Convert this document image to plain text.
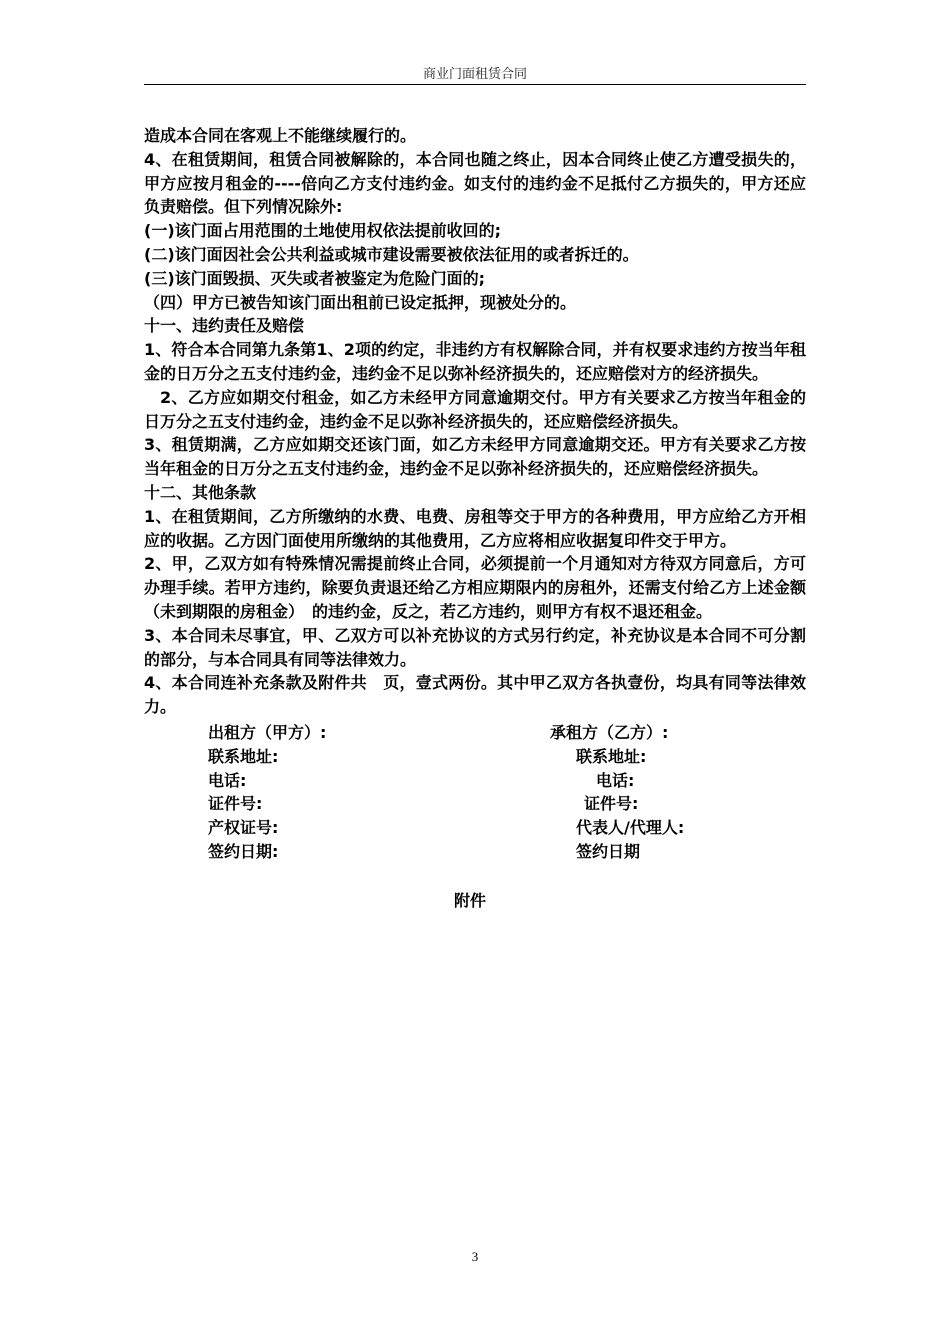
商业门面租赁合同

造成本合同在客观上不能继续履行的。

4、在租赁期间，租赁合同被解除的，本合同也随之终止，因本合同终止使乙方遭受损失的，甲方应按月租金的----倍向乙方支付违约金。如支付的违约金不足抵付乙方损失的，甲方还应负责赔偿。但下列情况除外:

(一)该门面占用范围的土地使用权依法提前收回的;

(二)该门面因社会公共利益或城市建设需要被依法征用的或者拆迁的。

(三)该门面毁损、灭失或者被鉴定为危险门面的;

（四）甲方已被告知该门面出租前已设定抵押，现被处分的。

十一、违约责任及赔偿

1、符合本合同第九条第1、2项的约定，非违约方有权解除合同，并有权要求违约方按当年租金的日万分之五支付违约金，违约金不足以弥补经济损失的，还应赔偿对方的经济损失。

2、乙方应如期交付租金，如乙方未经甲方同意逾期交付。甲方有关要求乙方按当年租金的日万分之五支付违约金，违约金不足以弥补经济损失的，还应赔偿经济损失。

3、租赁期满，乙方应如期交还该门面，如乙方未经甲方同意逾期交还。甲方有关要求乙方按当年租金的日万分之五支付违约金，违约金不足以弥补经济损失的，还应赔偿经济损失。

十二、其他条款

1、在租赁期间，乙方所缴纳的水费、电费、房租等交于甲方的各种费用，甲方应给乙方开相应的收据。乙方因门面使用所缴纳的其他费用，乙方应将相应收据复印件交于甲方。

2、甲，乙双方如有特殊情况需提前终止合同，必须提前一个月通知对方待双方同意后，方可办理手续。若甲方违约，除要负责退还给乙方相应期限内的房租外，还需支付给乙方上述金额（未到期限的房租金）　的违约金，反之，若乙方违约，则甲方有权不退还租金。

3、本合同未尽事宜，甲、乙双方可以补充协议的方式另行约定，补充协议是本合同不可分割的部分，与本合同具有同等法律效力。

4、本合同连补充条款及附件共　页，壹式两份。其中甲乙双方各执壹份，均具有同等法律效力。

出租方（甲方）:
联系地址:
电话:
证件号:
产权证号:
签约日期:
承租方（乙方）:
联系地址:
电话:
证件号:
代表人/代理人:
签约日期
附件
3
